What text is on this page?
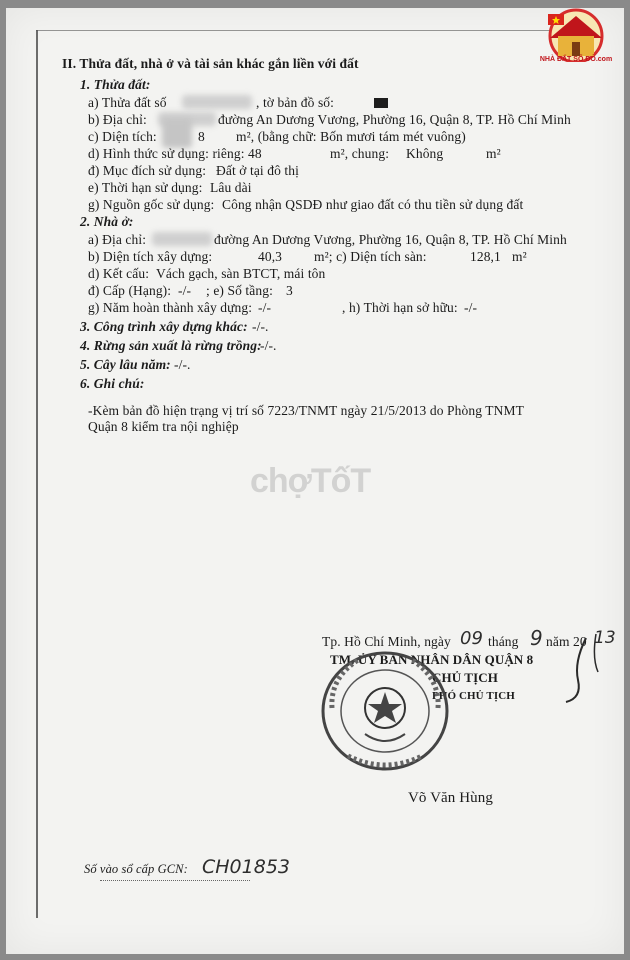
NHÀ ĐẤT SỔ ĐỎ.com
II. Thửa đất, nhà ở và tài sản khác gắn liền với đất
1. Thửa đất:
a) Thửa đất số	, tờ bản đồ số:
b) Địa chỉ:	đường An Dương Vương, Phường 16, Quận 8, TP. Hồ Chí Minh
c) Diện tích:	8 m², (bằng chữ: Bốn mươi tám mét vuông)
d) Hình thức sử dụng: riêng: 48	m², chung: Không	m²
đ) Mục đích sử dụng: Đất ở tại đô thị
e) Thời hạn sử dụng: Lâu dài
g) Nguồn gốc sử dụng: Công nhận QSDĐ như giao đất có thu tiền sử dụng đất
2. Nhà ở:
a) Địa chỉ:	đường An Dương Vương, Phường 16, Quận 8, TP. Hồ Chí Minh
b) Diện tích xây dựng:	40,3 m²; c) Diện tích sàn:	128,1 m²
d) Kết cấu: Vách gạch, sàn BTCT, mái tôn
đ) Cấp (Hạng): -/- ; e) Số tầng: 3
g) Năm hoàn thành xây dựng: -/-	, h) Thời hạn sở hữu: -/-
3. Công trình xây dựng khác: -/-.
4. Rừng sản xuất là rừng trồng:
-/-.
5. Cây lâu năm: -/-.
6. Ghi chú:
-Kèm bản đồ hiện trạng vị trí số 7223/TNMT ngày 21/5/2013 do Phòng TNMT
Quận 8 kiểm tra nội nghiệp
chợTốT
Tp. Hồ Chí Minh, ngày 09 tháng 9 năm 20 13
TM. ỦY BAN NHÂN DÂN QUẬN 8
CHỦ TỊCH
PHÓ CHỦ TỊCH
Võ Văn Hùng
Số vào sổ cấp GCN: CH01853
